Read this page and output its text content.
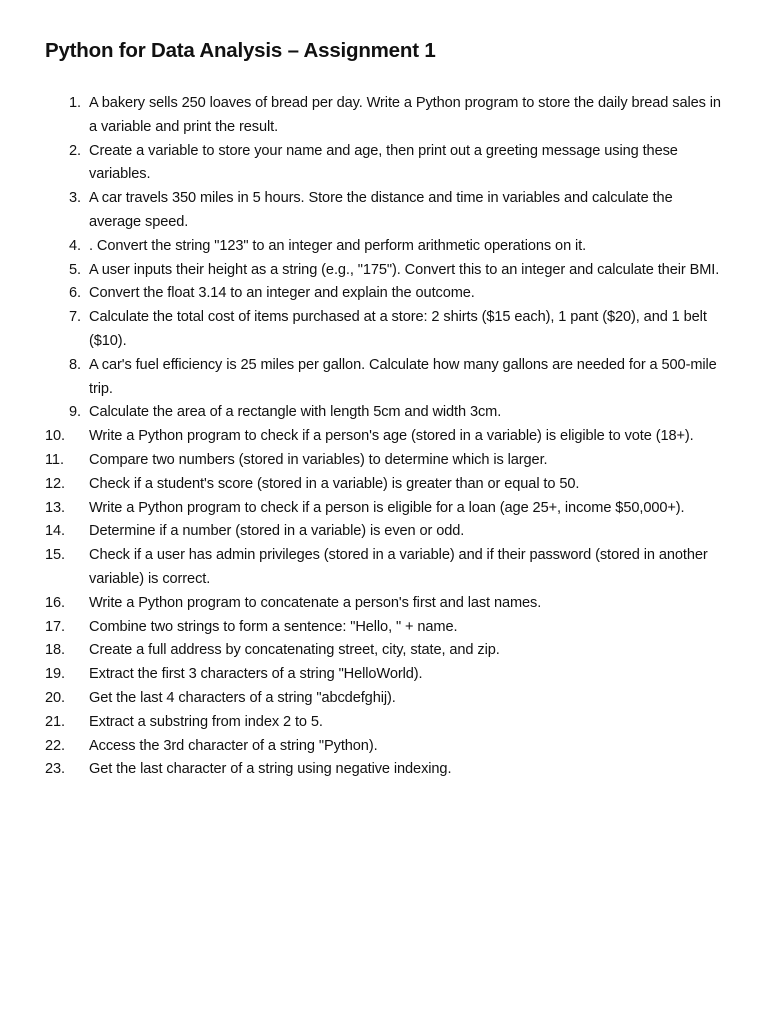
Python for Data Analysis – Assignment 1
1. A bakery sells 250 loaves of bread per day. Write a Python program to store the daily bread sales in a variable and print the result.
2. Create a variable to store your name and age, then print out a greeting message using these variables.
3. A car travels 350 miles in 5 hours. Store the distance and time in variables and calculate the average speed.
4. . Convert the string "123" to an integer and perform arithmetic operations on it.
5. A user inputs their height as a string (e.g., "175"). Convert this to an integer and calculate their BMI.
6. Convert the float 3.14 to an integer and explain the outcome.
7. Calculate the total cost of items purchased at a store: 2 shirts ($15 each), 1 pant ($20), and 1 belt ($10).
8. A car's fuel efficiency is 25 miles per gallon. Calculate how many gallons are needed for a 500-mile trip.
9. Calculate the area of a rectangle with length 5cm and width 3cm.
10.	Write a Python program to check if a person's age (stored in a variable) is eligible to vote (18+).
11.	Compare two numbers (stored in variables) to determine which is larger.
12.	Check if a student's score (stored in a variable) is greater than or equal to 50.
13.	Write a Python program to check if a person is eligible for a loan (age 25+, income $50,000+).
14.	Determine if a number (stored in a variable) is even or odd.
15.	Check if a user has admin privileges (stored in a variable) and if their password (stored in another variable) is correct.
16.	Write a Python program to concatenate a person's first and last names.
17.	Combine two strings to form a sentence: "Hello, " + name.
18.	Create a full address by concatenating street, city, state, and zip.
19.	Extract the first 3 characters of a string "HelloWorld).
20.	Get the last 4 characters of a string "abcdefghij).
21.	Extract a substring from index 2 to 5.
22.	Access the 3rd character of a string "Python).
23.	Get the last character of a string using negative indexing.
